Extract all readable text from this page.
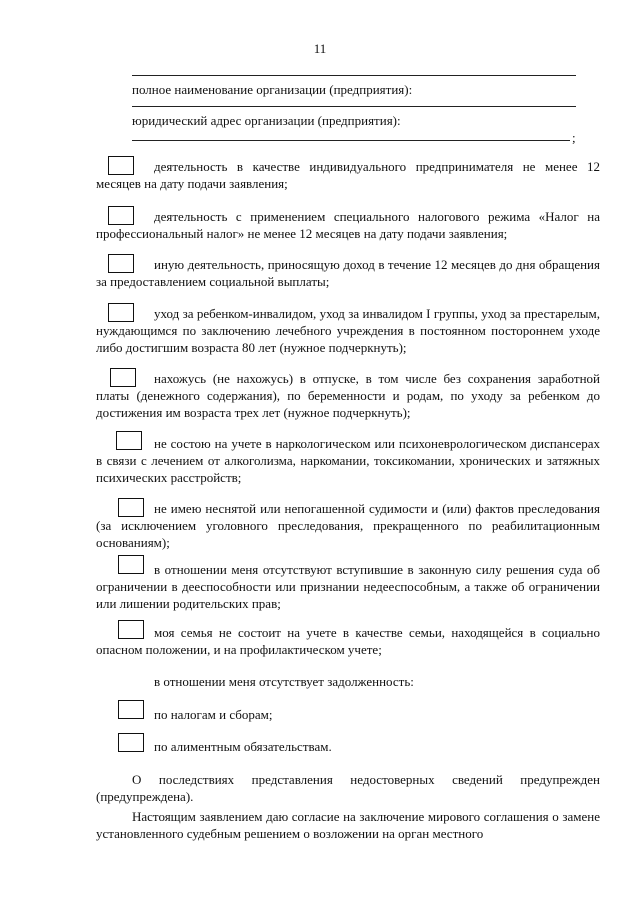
11
полное наименование организации (предприятия):
юридический адрес организации (предприятия):
;
деятельность в качестве индивидуального предпринимателя не менее 12 месяцев на дату подачи заявления;
деятельность с применением специального налогового режима «Налог на профессиональный налог» не менее 12 месяцев на дату подачи заявления;
иную деятельность, приносящую доход в течение 12 месяцев до дня обращения за предоставлением социальной выплаты;
уход за ребенком-инвалидом, уход за инвалидом I группы, уход за престарелым, нуждающимся по заключению лечебного учреждения в постоянном постороннем уходе либо достигшим возраста 80 лет (нужное подчеркнуть);
нахожусь (не нахожусь) в отпуске, в том числе без сохранения заработной платы (денежного содержания), по беременности и родам, по уходу за ребенком до достижения им возраста трех лет (нужное подчеркнуть);
не состою на учете в наркологическом или психоневрологическом диспансерах в связи с лечением от алкоголизма, наркомании, токсикомании, хронических и затяжных психических расстройств;
не имею неснятой или непогашенной судимости и (или) фактов преследования (за исключением уголовного преследования, прекращенного по реабилитационным основаниям);
в отношении меня отсутствуют вступившие в законную силу решения суда об ограничении в дееспособности или признании недееспособным, а также об ограничении или лишении родительских прав;
моя семья не состоит на учете в качестве семьи, находящейся в социально опасном положении, и на профилактическом учете;
в отношении меня отсутствует задолженность:
по налогам и сборам;
по алиментным обязательствам.
О последствиях представления недостоверных сведений предупрежден (предупреждена).
Настоящим заявлением даю согласие на заключение мирового соглашения о замене установленного судебным решением о возложении на орган местного
